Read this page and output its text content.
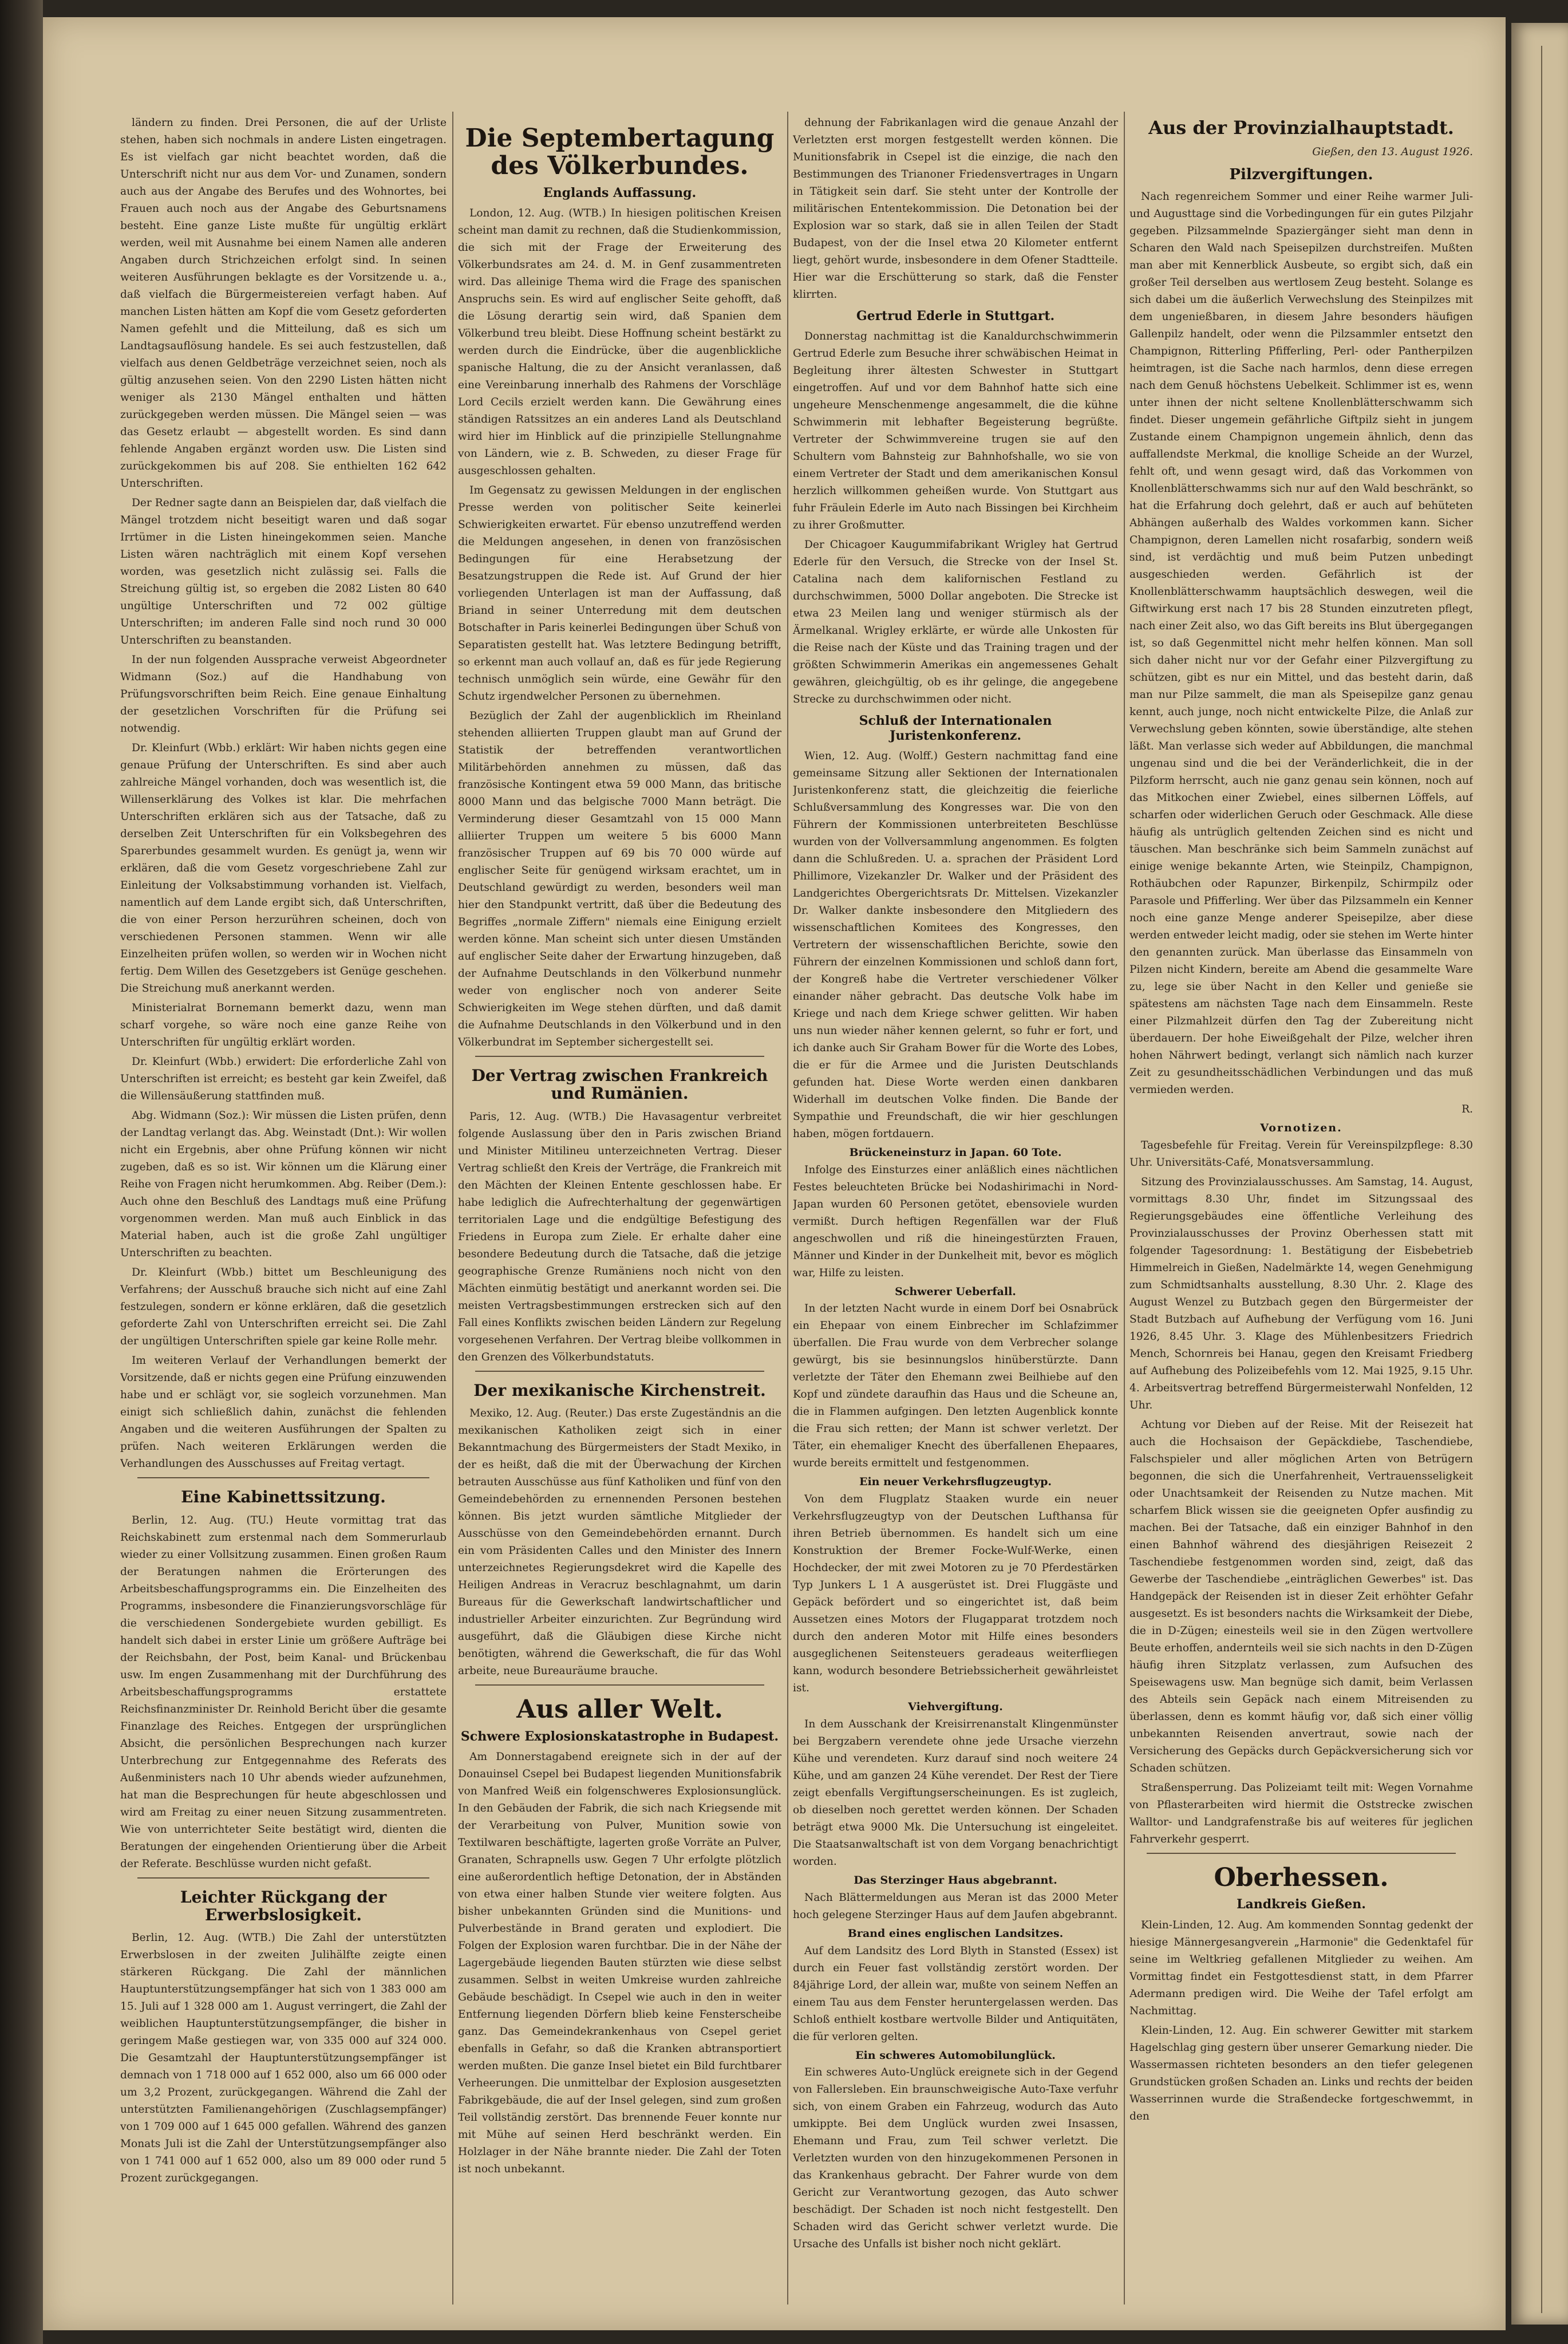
ländern zu finden. Drei Personen, die auf der Urliste stehen, haben sich nochmals in andere Listen eingetragen. Es ist vielfach gar nicht beachtet worden, daß die Unterschrift nicht nur aus dem Vor- und Zunamen, sondern auch aus der Angabe des Berufes und des Wohnortes, bei Frauen auch noch aus der Angabe des Geburtsnamens besteht. Eine ganze Liste mußte für ungültig erklärt werden, weil mit Ausnahme bei einem Namen alle anderen Angaben durch Strichzeichen erfolgt sind. In seinen weiteren Ausführungen beklagte es der Vorsitzende u. a., daß vielfach die Bürgermeistereien verfagt haben. Auf manchen Listen hätten am Kopf die vom Gesetz geforderten Namen gefehlt und die Mitteilung, daß es sich um Landtagsauflösung handele. Es sei auch festzustellen, daß vielfach aus denen Geldbeträge verzeichnet seien, noch als gültig anzusehen seien. Von den 2290 Listen hätten nicht weniger als 2130 Mängel enthalten und hätten zurückgegeben werden müssen. Die Mängel seien — was das Gesetz erlaubt — abgestellt worden. Es sind dann fehlende Angaben ergänzt worden usw. Die Listen sind zurückgekommen bis auf 208. Sie enthielten 162 642 Unterschriften.

Der Redner sagte dann an Beispielen dar, daß vielfach die Mängel trotzdem nicht beseitigt waren und daß sogar Irrtümer in die Listen hineingekommen seien. Manche Listen wären nachträglich mit einem Kopf versehen worden, was gesetzlich nicht zulässig sei. Falls die Streichung gültig ist, so ergeben die 2082 Listen 80 640 ungültige Unterschriften und 72 002 gültige Unterschriften; im anderen Falle sind noch rund 30 000 Unterschriften zu beanstanden.

In der nun folgenden Aussprache verweist Abgeordneter Widmann (Soz.) auf die Handhabung von Prüfungsvorschriften beim Reich. Eine genaue Einhaltung der gesetzlichen Vorschriften für die Prüfung sei notwendig.

Dr. Kleinfurt (Wbb.) erklärt: Wir haben nichts gegen eine genaue Prüfung der Unterschriften. Es sind aber auch zahlreiche Mängel vorhanden, doch was wesentlich ist, die Willenserklärung des Volkes ist klar. Die mehrfachen Unterschriften erklären sich aus der Tatsache, daß zu derselben Zeit Unterschriften für ein Volksbegehren des Sparerbundes gesammelt wurden. Es genügt ja, wenn wir erklären, daß die vom Gesetz vorgeschriebene Zahl zur Einleitung der Volksabstimmung vorhanden ist. Vielfach, namentlich auf dem Lande ergibt sich, daß Unterschriften, die von einer Person herzurühren scheinen, doch von verschiedenen Personen stammen. Wenn wir alle Einzelheiten prüfen wollen, so werden wir in Wochen nicht fertig. Dem Willen des Gesetzgebers ist Genüge geschehen. Die Streichung muß anerkannt werden.

Ministerialrat Bornemann bemerkt dazu, wenn man scharf vorgehe, so wäre noch eine ganze Reihe von Unterschriften für ungültig erklärt worden.

Dr. Kleinfurt (Wbb.) erwidert: Die erforderliche Zahl von Unterschriften ist erreicht; es besteht gar kein Zweifel, daß die Willensäußerung stattfinden muß.

Abg. Widmann (Soz.): Wir müssen die Listen prüfen, denn der Landtag verlangt das. Abg. Weinstadt (Dnt.): Wir wollen nicht ein Ergebnis, aber ohne Prüfung können wir nicht zugeben, daß es so ist. Wir können um die Klärung einer Reihe von Fragen nicht herumkommen. Abg. Reiber (Dem.): Auch ohne den Beschluß des Landtags muß eine Prüfung vorgenommen werden. Man muß auch Einblick in das Material haben, auch ist die große Zahl ungültiger Unterschriften zu beachten.

Dr. Kleinfurt (Wbb.) bittet um Beschleunigung des Verfahrens; der Ausschuß brauche sich nicht auf eine Zahl festzulegen, sondern er könne erklären, daß die gesetzlich geforderte Zahl von Unterschriften erreicht sei. Die Zahl der ungültigen Unterschriften spiele gar keine Rolle mehr.

Im weiteren Verlauf der Verhandlungen bemerkt der Vorsitzende, daß er nichts gegen eine Prüfung einzuwenden habe und er schlägt vor, sie sogleich vorzunehmen. Man einigt sich schließlich dahin, zunächst die fehlenden Angaben und die weiteren Ausführungen der Spalten zu prüfen. Nach weiteren Erklärungen werden die Verhandlungen des Ausschusses auf Freitag vertagt.

Eine Kabinettssitzung.

Berlin, 12. Aug. (TU.) Heute vormittag trat das Reichskabinett zum erstenmal nach dem Sommerurlaub wieder zu einer Vollsitzung zusammen. Einen großen Raum der Beratungen nahmen die Erörterungen des Arbeitsbeschaffungsprogramms ein. Die Einzelheiten des Programms, insbesondere die Finanzierungsvorschläge für die verschiedenen Sondergebiete wurden gebilligt. Es handelt sich dabei in erster Linie um größere Aufträge bei der Reichsbahn, der Post, beim Kanal- und Brückenbau usw. Im engen Zusammenhang mit der Durchführung des Arbeitsbeschaffungsprogramms erstattete Reichsfinanzminister Dr. Reinhold Bericht über die gesamte Finanzlage des Reiches. Entgegen der ursprünglichen Absicht, die persönlichen Besprechungen nach kurzer Unterbrechung zur Entgegennahme des Referats des Außenministers nach 10 Uhr abends wieder aufzunehmen, hat man die Besprechungen für heute abgeschlossen und wird am Freitag zu einer neuen Sitzung zusammentreten. Wie von unterrichteter Seite bestätigt wird, dienten die Beratungen der eingehenden Orientierung über die Arbeit der Referate. Beschlüsse wurden nicht gefaßt.

Leichter Rückgang der Erwerbslosigkeit.

Berlin, 12. Aug. (WTB.) Die Zahl der unterstützten Erwerbslosen in der zweiten Julihälfte zeigte einen stärkeren Rückgang. Die Zahl der männlichen Hauptunterstützungsempfänger hat sich von 1 383 000 am 15. Juli auf 1 328 000 am 1. August verringert, die Zahl der weiblichen Hauptunterstützungsempfänger, die bisher in geringem Maße gestiegen war, von 335 000 auf 324 000. Die Gesamtzahl der Hauptunterstützungsempfänger ist demnach von 1 718 000 auf 1 652 000, also um 66 000 oder um 3,2 Prozent, zurückgegangen. Während die Zahl der unterstützten Familienangehörigen (Zuschlagsempfänger) von 1 709 000 auf 1 645 000 gefallen. Während des ganzen Monats Juli ist die Zahl der Unterstützungsempfänger also von 1 741 000 auf 1 652 000, also um 89 000 oder rund 5 Prozent zurückgegangen.

Die Septembertagung des Völkerbundes.
Englands Auffassung.

London, 12. Aug. (WTB.) In hiesigen politischen Kreisen scheint man damit zu rechnen, daß die Studienkommission, die sich mit der Frage der Erweiterung des Völkerbundsrates am 24. d. M. in Genf zusammentreten wird. Das alleinige Thema wird die Frage des spanischen Anspruchs sein. Es wird auf englischer Seite gehofft, daß die Lösung derartig sein wird, daß Spanien dem Völkerbund treu bleibt. Diese Hoffnung scheint bestärkt zu werden durch die Eindrücke, über die augenblickliche spanische Haltung, die zu der Ansicht veranlassen, daß eine Vereinbarung innerhalb des Rahmens der Vorschläge Lord Cecils erzielt werden kann. Die Gewährung eines ständigen Ratssitzes an ein anderes Land als Deutschland wird hier im Hinblick auf die prinzipielle Stellungnahme von Ländern, wie z. B. Schweden, zu dieser Frage für ausgeschlossen gehalten.

Im Gegensatz zu gewissen Meldungen in der englischen Presse werden von politischer Seite keinerlei Schwierigkeiten erwartet. Für ebenso unzutreffend werden die Meldungen angesehen, in denen von französischen Bedingungen für eine Herabsetzung der Besatzungstruppen die Rede ist. Auf Grund der hier vorliegenden Unterlagen ist man der Auffassung, daß Briand in seiner Unterredung mit dem deutschen Botschafter in Paris keinerlei Bedingungen über Schuß von Separatisten gestellt hat. Was letztere Bedingung betrifft, so erkennt man auch vollauf an, daß es für jede Regierung technisch unmöglich sein würde, eine Gewähr für den Schutz irgendwelcher Personen zu übernehmen.

Bezüglich der Zahl der augenblicklich im Rheinland stehenden alliierten Truppen glaubt man auf Grund der Statistik der betreffenden verantwortlichen Militärbehörden annehmen zu müssen, daß das französische Kontingent etwa 59 000 Mann, das britische 8000 Mann und das belgische 7000 Mann beträgt. Die Verminderung dieser Gesamtzahl von 15 000 Mann alliierter Truppen um weitere 5 bis 6000 Mann französischer Truppen auf 69 bis 70 000 würde auf englischer Seite für genügend wirksam erachtet, um in Deutschland gewürdigt zu werden, besonders weil man hier den Standpunkt vertritt, daß über die Bedeutung des Begriffes „normale Ziffern" niemals eine Einigung erzielt werden könne. Man scheint sich unter diesen Umständen auf englischer Seite daher der Erwartung hinzugeben, daß der Aufnahme Deutschlands in den Völkerbund nunmehr weder von englischer noch von anderer Seite Schwierigkeiten im Wege stehen dürften, und daß damit die Aufnahme Deutschlands in den Völkerbund und in den Völkerbundrat im September sichergestellt sei.

Der Vertrag zwischen Frankreich und Rumänien.

Paris, 12. Aug. (WTB.) Die Havasagentur verbreitet folgende Auslassung über den in Paris zwischen Briand und Minister Mitilineu unterzeichneten Vertrag. Dieser Vertrag schließt den Kreis der Verträge, die Frankreich mit den Mächten der Kleinen Entente geschlossen habe. Er habe lediglich die Aufrechterhaltung der gegenwärtigen territorialen Lage und die endgültige Befestigung des Friedens in Europa zum Ziele. Er erhalte daher eine besondere Bedeutung durch die Tatsache, daß die jetzige geographische Grenze Rumäniens noch nicht von den Mächten einmütig bestätigt und anerkannt worden sei. Die meisten Vertragsbestimmungen erstrecken sich auf den Fall eines Konflikts zwischen beiden Ländern zur Regelung vorgesehenen Verfahren. Der Vertrag bleibe vollkommen in den Grenzen des Völkerbundstatuts.

Der mexikanische Kirchenstreit.

Mexiko, 12. Aug. (Reuter.) Das erste Zugeständnis an die mexikanischen Katholiken zeigt sich in einer Bekanntmachung des Bürgermeisters der Stadt Mexiko, in der es heißt, daß die mit der Überwachung der Kirchen betrauten Ausschüsse aus fünf Katholiken und fünf von den Gemeindebehörden zu ernennenden Personen bestehen können. Bis jetzt wurden sämtliche Mitglieder der Ausschüsse von den Gemeindebehörden ernannt. Durch ein vom Präsidenten Calles und den Minister des Innern unterzeichnetes Regierungsdekret wird die Kapelle des Heiligen Andreas in Veracruz beschlagnahmt, um darin Bureaus für die Gewerkschaft landwirtschaftlicher und industrieller Arbeiter einzurichten. Zur Begründung wird ausgeführt, daß die Gläubigen diese Kirche nicht benötigten, während die Gewerkschaft, die für das Wohl arbeite, neue Bureauräume brauche.

Aus aller Welt.
Schwere Explosionskatastrophe in Budapest.

Am Donnerstagabend ereignete sich in der auf der Donauinsel Csepel bei Budapest liegenden Munitionsfabrik von Manfred Weiß ein folgenschweres Explosionsunglück. In den Gebäuden der Fabrik, die sich nach Kriegsende mit der Verarbeitung von Pulver, Munition sowie von Textilwaren beschäftigte, lagerten große Vorräte an Pulver, Granaten, Schrapnells usw. Gegen 7 Uhr erfolgte plötzlich eine außerordentlich heftige Detonation, der in Abständen von etwa einer halben Stunde vier weitere folgten. Aus bisher unbekannten Gründen sind die Munitions- und Pulverbestände in Brand geraten und explodiert. Die Folgen der Explosion waren furchtbar. Die in der Nähe der Lagergebäude liegenden Bauten stürzten wie diese selbst zusammen. Selbst in weiten Umkreise wurden zahlreiche Gebäude beschädigt. In Csepel wie auch in den in weiter Entfernung liegenden Dörfern blieb keine Fensterscheibe ganz. Das Gemeindekrankenhaus von Csepel geriet ebenfalls in Gefahr, so daß die Kranken abtransportiert werden mußten. Die ganze Insel bietet ein Bild furchtbarer Verheerungen. Die unmittelbar der Explosion ausgesetzten Fabrikgebäude, die auf der Insel gelegen, sind zum großen Teil vollständig zerstört. Das brennende Feuer konnte nur mit Mühe auf seinen Herd beschränkt werden. Ein Holzlager in der Nähe brannte nieder. Die Zahl der Toten ist noch unbekannt.

dehnung der Fabrikanlagen wird die genaue Anzahl der Verletzten erst morgen festgestellt werden können. Die Munitionsfabrik in Csepel ist die einzige, die nach den Bestimmungen des Trianoner Friedensvertrages in Ungarn in Tätigkeit sein darf. Sie steht unter der Kontrolle der militärischen Ententekommission. Die Detonation bei der Explosion war so stark, daß sie in allen Teilen der Stadt Budapest, von der die Insel etwa 20 Kilometer entfernt liegt, gehört wurde, insbesondere in dem Ofener Stadtteile. Hier war die Erschütterung so stark, daß die Fenster klirrten.

Gertrud Ederle in Stuttgart.

Donnerstag nachmittag ist die Kanaldurchschwimmerin Gertrud Ederle zum Besuche ihrer schwäbischen Heimat in Begleitung ihrer ältesten Schwester in Stuttgart eingetroffen. Auf und vor dem Bahnhof hatte sich eine ungeheure Menschenmenge angesammelt, die die kühne Schwimmerin mit lebhafter Begeisterung begrüßte. Vertreter der Schwimmvereine trugen sie auf den Schultern vom Bahnsteig zur Bahnhofshalle, wo sie von einem Vertreter der Stadt und dem amerikanischen Konsul herzlich willkommen geheißen wurde. Von Stuttgart aus fuhr Fräulein Ederle im Auto nach Bissingen bei Kirchheim zu ihrer Großmutter.

Der Chicagoer Kaugummifabrikant Wrigley hat Gertrud Ederle für den Versuch, die Strecke von der Insel St. Catalina nach dem kalifornischen Festland zu durchschwimmen, 5000 Dollar angeboten. Die Strecke ist etwa 23 Meilen lang und weniger stürmisch als der Ärmelkanal. Wrigley erklärte, er würde alle Unkosten für die Reise nach der Küste und das Training tragen und der größten Schwimmerin Amerikas ein angemessenes Gehalt gewähren, gleichgültig, ob es ihr gelinge, die angegebene Strecke zu durchschwimmen oder nicht.

Schluß der Internationalen Juristenkonferenz.

Wien, 12. Aug. (Wolff.) Gestern nachmittag fand eine gemeinsame Sitzung aller Sektionen der Internationalen Juristenkonferenz statt, die gleichzeitig die feierliche Schlußversammlung des Kongresses war. Die von den Führern der Kommissionen unterbreiteten Beschlüsse wurden von der Vollversammlung angenommen. Es folgten dann die Schlußreden. U. a. sprachen der Präsident Lord Phillimore, Vizekanzler Dr. Walker und der Präsident des Landgerichtes Obergerichtsrats Dr. Mittelsen. Vizekanzler Dr. Walker dankte insbesondere den Mitgliedern des wissenschaftlichen Komitees des Kongresses, den Vertretern der wissenschaftlichen Berichte, sowie den Führern der einzelnen Kommissionen und schloß dann fort, der Kongreß habe die Vertreter verschiedener Völker einander näher gebracht. Das deutsche Volk habe im Kriege und nach dem Kriege schwer gelitten. Wir haben uns nun wieder näher kennen gelernt, so fuhr er fort, und ich danke auch Sir Graham Bower für die Worte des Lobes, die er für die Armee und die Juristen Deutschlands gefunden hat. Diese Worte werden einen dankbaren Widerhall im deutschen Volke finden. Die Bande der Sympathie und Freundschaft, die wir hier geschlungen haben, mögen fortdauern.

Brückeneinsturz in Japan. 60 Tote.

Infolge des Einsturzes einer anläßlich eines nächtlichen Festes beleuchteten Brücke bei Nodashirimachi in Nord-Japan wurden 60 Personen getötet, ebensoviele wurden vermißt. Durch heftigen Regenfällen war der Fluß angeschwollen und riß die hineingestürzten Frauen, Männer und Kinder in der Dunkelheit mit, bevor es möglich war, Hilfe zu leisten.

Schwerer Ueberfall.

In der letzten Nacht wurde in einem Dorf bei Osnabrück ein Ehepaar von einem Einbrecher im Schlafzimmer überfallen. Die Frau wurde von dem Verbrecher solange gewürgt, bis sie besinnungslos hinüberstürzte. Dann verletzte der Täter den Ehemann zwei Beilhiebe auf den Kopf und zündete daraufhin das Haus und die Scheune an, die in Flammen aufgingen. Den letzten Augenblick konnte die Frau sich retten; der Mann ist schwer verletzt. Der Täter, ein ehemaliger Knecht des überfallenen Ehepaares, wurde bereits ermittelt und festgenommen.

Ein neuer Verkehrsflugzeugtyp.

Von dem Flugplatz Staaken wurde ein neuer Verkehrsflugzeugtyp von der Deutschen Lufthansa für ihren Betrieb übernommen. Es handelt sich um eine Konstruktion der Bremer Focke-Wulf-Werke, einen Hochdecker, der mit zwei Motoren zu je 70 Pferdestärken Typ Junkers L 1 A ausgerüstet ist. Drei Fluggäste und Gepäck befördert und so eingerichtet ist, daß beim Aussetzen eines Motors der Flugapparat trotzdem noch durch den anderen Motor mit Hilfe eines besonders ausgeglichenen Seitensteuers geradeaus weiterfliegen kann, wodurch besondere Betriebssicherheit gewährleistet ist.

Viehvergiftung.

In dem Ausschank der Kreisirrenanstalt Klingenmünster bei Bergzabern verendete ohne jede Ursache vierzehn Kühe und verendeten. Kurz darauf sind noch weitere 24 Kühe, und am ganzen 24 Kühe verendet. Der Rest der Tiere zeigt ebenfalls Vergiftungserscheinungen. Es ist zugleich, ob dieselben noch gerettet werden können. Der Schaden beträgt etwa 9000 Mk. Die Untersuchung ist eingeleitet. Die Staatsanwaltschaft ist von dem Vorgang benachrichtigt worden.

Das Sterzinger Haus abgebrannt.

Nach Blättermeldungen aus Meran ist das 2000 Meter hoch gelegene Sterzinger Haus auf dem Jaufen abgebrannt.

Brand eines englischen Landsitzes.

Auf dem Landsitz des Lord Blyth in Stansted (Essex) ist durch ein Feuer fast vollständig zerstört worden. Der 84jährige Lord, der allein war, mußte von seinem Neffen an einem Tau aus dem Fenster heruntergelassen werden. Das Schloß enthielt kostbare wertvolle Bilder und Antiquitäten, die für verloren gelten.

Ein schweres Automobilunglück.

Ein schweres Auto-Unglück ereignete sich in der Gegend von Fallersleben. Ein braunschweigische Auto-Taxe verfuhr sich, von einem Graben ein Fahrzeug, wodurch das Auto umkippte. Bei dem Unglück wurden zwei Insassen, Ehemann und Frau, zum Teil schwer verletzt. Die Verletzten wurden von den hinzugekommenen Personen in das Krankenhaus gebracht. Der Fahrer wurde von dem Gericht zur Verantwortung gezogen, das Auto schwer beschädigt. Der Schaden ist noch nicht festgestellt. Den Schaden wird das Gericht schwer verletzt wurde. Die Ursache des Unfalls ist bisher noch nicht geklärt.

Aus der Provinzialhauptstadt.

Gießen, den 13. August 1926.

Pilzvergiftungen.

Nach regenreichem Sommer und einer Reihe warmer Juli- und Augusttage sind die Vorbedingungen für ein gutes Pilzjahr gegeben. Pilzsammelnde Spaziergänger sieht man denn in Scharen den Wald nach Speisepilzen durchstreifen. Mußten man aber mit Kennerblick Ausbeute, so ergibt sich, daß ein großer Teil derselben aus wertlosem Zeug besteht. Solange es sich dabei um die äußerlich Verwechslung des Steinpilzes mit dem ungenießbaren, in diesem Jahre besonders häufigen Gallenpilz handelt, oder wenn die Pilzsammler entsetzt den Champignon, Ritterling Pfifferling, Perl- oder Pantherpilzen heimtragen, ist die Sache nach harmlos, denn diese erregen nach dem Genuß höchstens Uebelkeit. Schlimmer ist es, wenn unter ihnen der nicht seltene Knollenblätterschwamm sich findet. Dieser ungemein gefährliche Giftpilz sieht in jungem Zustande einem Champignon ungemein ähnlich, denn das auffallendste Merkmal, die knollige Scheide an der Wurzel, fehlt oft, und wenn gesagt wird, daß das Vorkommen von Knollenblätterschwamms sich nur auf den Wald beschränkt, so hat die Erfahrung doch gelehrt, daß er auch auf behüteten Abhängen außerhalb des Waldes vorkommen kann. Sicher Champignon, deren Lamellen nicht rosafarbig, sondern weiß sind, ist verdächtig und muß beim Putzen unbedingt ausgeschieden werden. Gefährlich ist der Knollenblätterschwamm hauptsächlich deswegen, weil die Giftwirkung erst nach 17 bis 28 Stunden einzutreten pflegt, nach einer Zeit also, wo das Gift bereits ins Blut übergegangen ist, so daß Gegenmittel nicht mehr helfen können. Man soll sich daher nicht nur vor der Gefahr einer Pilzvergiftung zu schützen, gibt es nur ein Mittel, und das besteht darin, daß man nur Pilze sammelt, die man als Speisepilze ganz genau kennt, auch junge, noch nicht entwickelte Pilze, die Anlaß zur Verwechslung geben könnten, sowie überständige, alte stehen läßt. Man verlasse sich weder auf Abbildungen, die manchmal ungenau sind und die bei der Veränderlichkeit, die in der Pilzform herrscht, auch nie ganz genau sein können, noch auf das Mitkochen einer Zwiebel, eines silbernen Löffels, auf scharfen oder widerlichen Geruch oder Geschmack. Alle diese häufig als untrüglich geltenden Zeichen sind es nicht und täuschen. Man beschränke sich beim Sammeln zunächst auf einige wenige bekannte Arten, wie Steinpilz, Champignon, Rothäubchen oder Rapunzer, Birkenpilz, Schirmpilz oder Parasole und Pfifferling. Wer über das Pilzsammeln ein Kenner noch eine ganze Menge anderer Speisepilze, aber diese werden entweder leicht madig, oder sie stehen im Werte hinter den genannten zurück. Man überlasse das Einsammeln von Pilzen nicht Kindern, bereite am Abend die gesammelte Ware zu, lege sie über Nacht in den Keller und genieße sie spätestens am nächsten Tage nach dem Einsammeln. Reste einer Pilzmahlzeit dürfen den Tag der Zubereitung nicht überdauern. Der hohe Eiweißgehalt der Pilze, welcher ihren hohen Nährwert bedingt, verlangt sich nämlich nach kurzer Zeit zu gesundheitsschädlichen Verbindungen und das muß vermieden werden.

R.

Vornotizen.

Tagesbefehle für Freitag. Verein für Vereinspilzpflege: 8.30 Uhr. Universitäts-Café, Monatsversammlung.

Sitzung des Provinzialausschusses. Am Samstag, 14. August, vormittags 8.30 Uhr, findet im Sitzungssaal des Regierungsgebäudes eine öffentliche Verleihung des Provinzialausschusses der Provinz Oberhessen statt mit folgender Tagesordnung: 1. Bestätigung der Eisbebetrieb Himmelreich in Gießen, Nadelmärkte 14, wegen Genehmigung zum Schmidtsanhalts ausstellung, 8.30 Uhr. 2. Klage des August Wenzel zu Butzbach gegen den Bürgermeister der Stadt Butzbach auf Aufhebung der Verfügung vom 16. Juni 1926, 8.45 Uhr. 3. Klage des Mühlenbesitzers Friedrich Mench, Schornreis bei Hanau, gegen den Kreisamt Friedberg auf Aufhebung des Polizeibefehls vom 12. Mai 1925, 9.15 Uhr. 4. Arbeitsvertrag betreffend Bürgermeisterwahl Nonfelden, 12 Uhr.

Achtung vor Dieben auf der Reise. Mit der Reisezeit hat auch die Hochsaison der Gepäckdiebe, Taschendiebe, Falschspieler und aller möglichen Arten von Betrügern begonnen, die sich die Unerfahrenheit, Vertrauensseligkeit oder Unachtsamkeit der Reisenden zu Nutze machen. Mit scharfem Blick wissen sie die geeigneten Opfer ausfindig zu machen. Bei der Tatsache, daß ein einziger Bahnhof in den einen Bahnhof während des diesjährigen Reisezeit 2 Taschendiebe festgenommen worden sind, zeigt, daß das Gewerbe der Taschendiebe „einträglichen Gewerbes" ist. Das Handgepäck der Reisenden ist in dieser Zeit erhöhter Gefahr ausgesetzt. Es ist besonders nachts die Wirksamkeit der Diebe, die in D-Zügen; einesteils weil sie in den Zügen wertvollere Beute erhoffen, andernteils weil sie sich nachts in den D-Zügen häufig ihren Sitzplatz verlassen, zum Aufsuchen des Speisewagens usw. Man begnüge sich damit, beim Verlassen des Abteils sein Gepäck nach einem Mitreisenden zu überlassen, denn es kommt häufig vor, daß sich einer völlig unbekannten Reisenden anvertraut, sowie nach der Versicherung des Gepäcks durch Gepäckversicherung sich vor Schaden schützen.

Straßensperrung. Das Polizeiamt teilt mit: Wegen Vornahme von Pflasterarbeiten wird hiermit die Oststrecke zwischen Walltor- und Landgrafenstraße bis auf weiteres für jeglichen Fahrverkehr gesperrt.

Oberhessen.
Landkreis Gießen.

Klein-Linden, 12. Aug. Am kommenden Sonntag gedenkt der hiesige Männergesangverein „Harmonie" die Gedenktafel für seine im Weltkrieg gefallenen Mitglieder zu weihen. Am Vormittag findet ein Festgottesdienst statt, in dem Pfarrer Adermann predigen wird. Die Weihe der Tafel erfolgt am Nachmittag.

Klein-Linden, 12. Aug. Ein schwerer Gewitter mit starkem Hagelschlag ging gestern über unserer Gemarkung nieder. Die Wassermassen richteten besonders an den tiefer gelegenen Grundstücken großen Schaden an. Links und rechts der beiden Wasserrinnen wurde die Straßendecke fortgeschwemmt, in den
